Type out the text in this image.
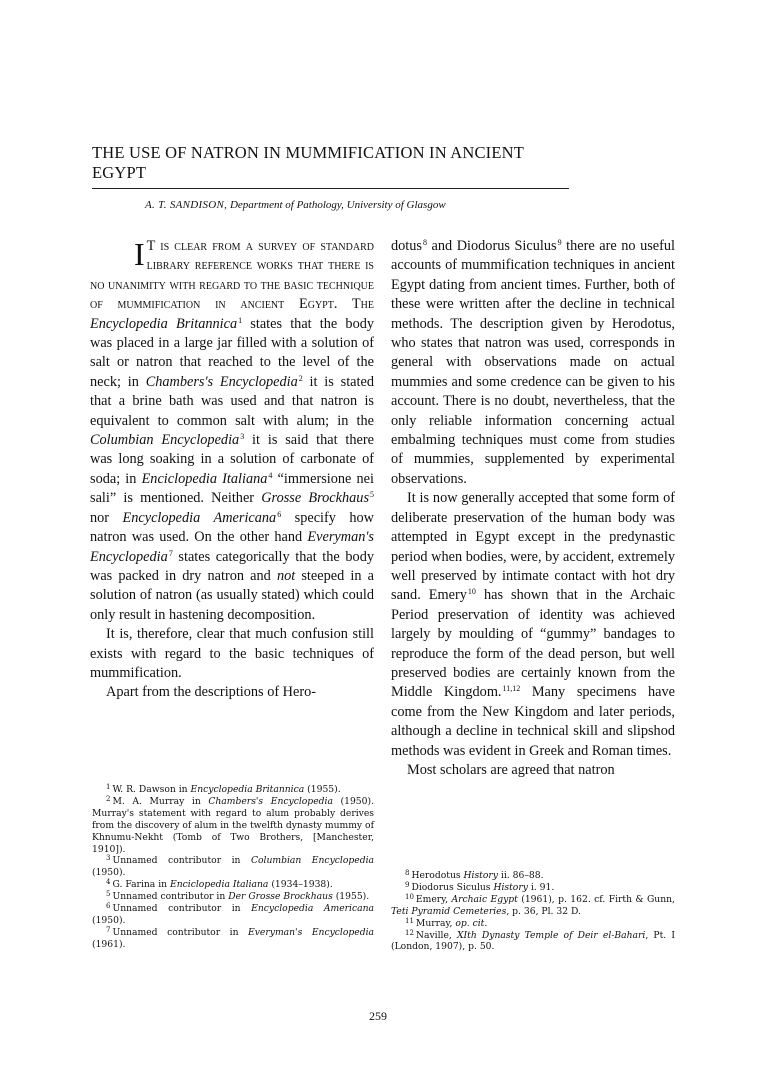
THE USE OF NATRON IN MUMMIFICATION IN ANCIENT EGYPT
A. T. SANDISON, Department of Pathology, University of Glasgow

I T is clear from a survey of standard library reference works that there is no unanimity with regard to the basic technique of mummification in ancient Egypt. The Encyclopedia Britannica$^1$ states that the body was placed in a large jar filled with a solution of salt or natron that reached to the level of the neck; in Chambers's Encyclopedia$^2$ it is stated that a brine bath was used and that natron is equivalent to common salt with alum; in the Columbian Encyclopedia$^3$ it is said that there was long soaking in a solution of carbonate of soda; in Enciclopedia Italiana$^4$ “immersione nei sali” is mentioned. Neither Grosse Brockhaus$^5$ nor Encyclopedia Americana$^6$ specify how natron was used. On the other hand Everyman's Encyclopedia$^7$ states categorically that the body was packed in dry natron and not steeped in a solution of natron (as usually stated) which could only result in hastening decomposition.

It is, therefore, clear that much confusion still exists with regard to the basic techniques of mummification.

Apart from the descriptions of Hero-

$^1$ W. R. Dawson in Encyclopedia Britannica (1955).

$^2$ M. A. Murray in Chambers's Encyclopedia (1950). Murray's statement with regard to alum probably derives from the discovery of alum in the twelfth dynasty mummy of Khnumu-Nekht (Tomb of Two Brothers, [Manchester, 1910]).

$^3$ Unnamed contributor in Columbian Encyclopedia (1950).

$^4$ G. Farina in Enciclopedia Italiana (1934–1938).

$^5$ Unnamed contributor in Der Grosse Brockhaus (1955).

$^6$ Unnamed contributor in Encyclopedia Americana (1950).

$^7$ Unnamed contributor in Everyman's Encyclopedia (1961).

dotus$^8$ and Diodorus Siculus$^9$ there are no useful accounts of mummification techniques in ancient Egypt dating from ancient times. Further, both of these were written after the decline in technical methods. The description given by Herodotus, who states that natron was used, corresponds in general with observations made on actual mummies and some credence can be given to his account. There is no doubt, nevertheless, that the only reliable information concerning actual embalming techniques must come from studies of mummies, supplemented by experimental observations.

It is now generally accepted that some form of deliberate preservation of the human body was attempted in Egypt except in the predynastic period when bodies, were, by accident, extremely well preserved by intimate contact with hot dry sand. Emery$^{10}$ has shown that in the Archaic Period preservation of identity was achieved largely by moulding of “gummy” bandages to reproduce the form of the dead person, but well preserved bodies are certainly known from the Middle Kingdom.$^{11,12}$ Many specimens have come from the New Kingdom and later periods, although a decline in technical skill and slipshod methods was evident in Greek and Roman times.

Most scholars are agreed that natron

$^8$ Herodotus History ii. 86–88.

$^9$ Diodorus Siculus History i. 91.

$^{10}$ Emery, Archaic Egypt (1961), p. 162. cf. Firth & Gunn, Teti Pyramid Cemeteries, p. 36, Pl. 32 D.

$^{11}$ Murray, op. cit.

$^{12}$ Naville, XIth Dynasty Temple of Deir el-Bahari, Pt. I (London, 1907), p. 50.

259
